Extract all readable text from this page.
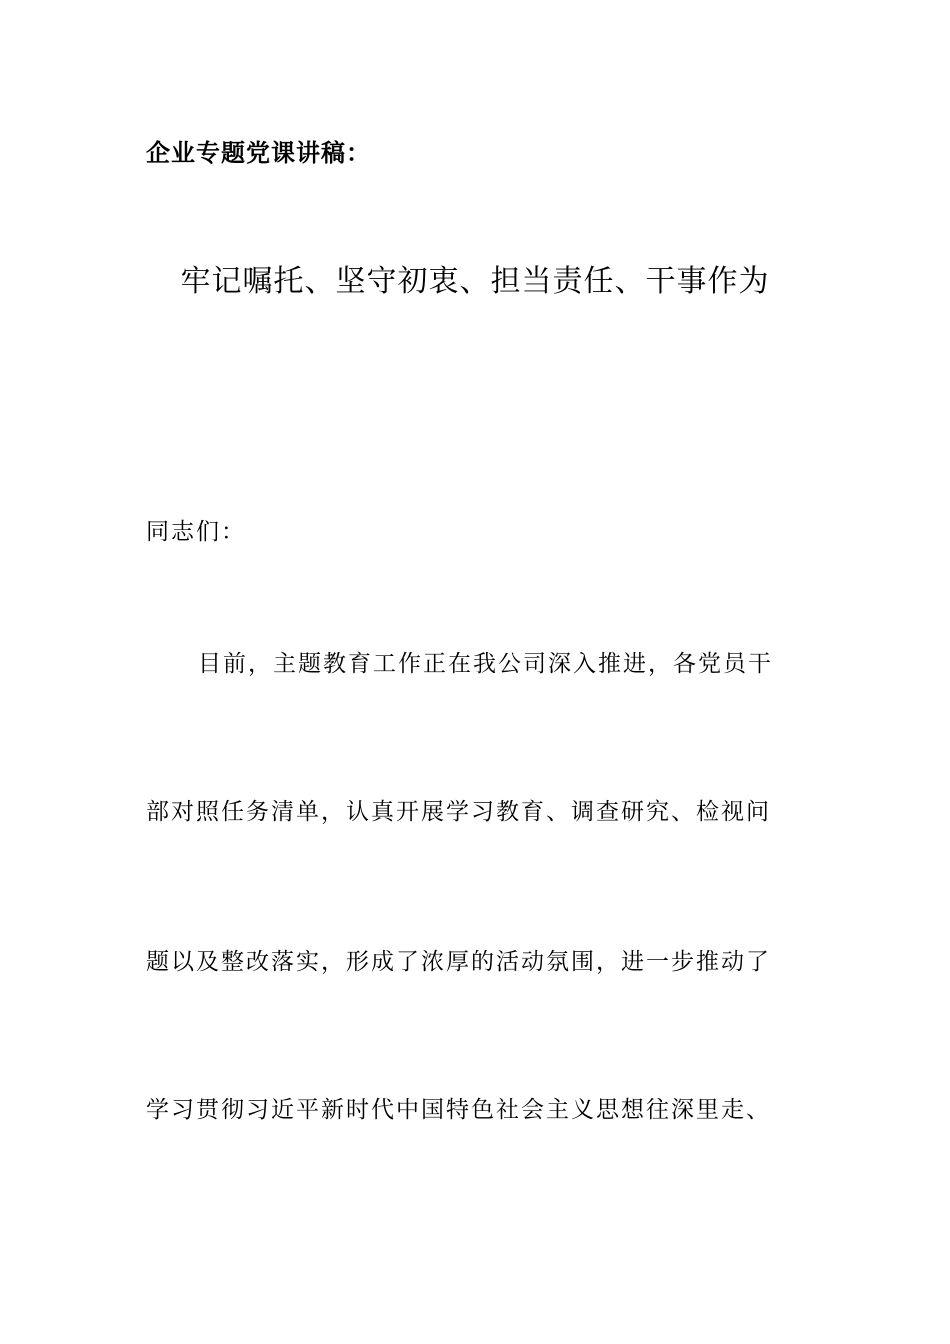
企业专题党课讲稿：
牢记嘱托、坚守初衷、担当责任、干事作为
同志们：
目前，主题教育工作正在我公司深入推进，各党员干
部对照任务清单，认真开展学习教育、调查研究、检视问
题以及整改落实，形成了浓厚的活动氛围，进一步推动了
学习贯彻习近平新时代中国特色社会主义思想往深里走、
